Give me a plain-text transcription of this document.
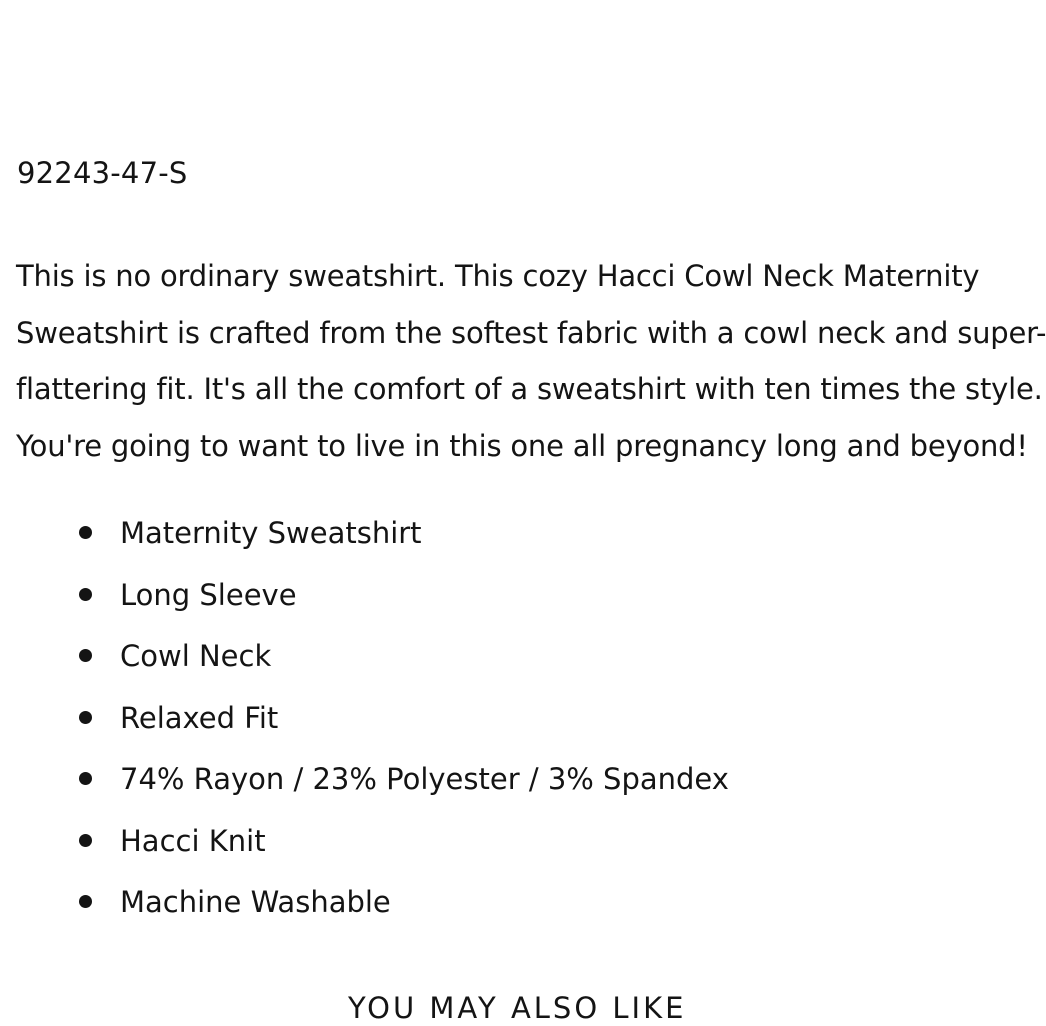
92243-47-S

This is no ordinary sweatshirt. This cozy Hacci Cowl Neck Maternity
Sweatshirt is crafted from the softest fabric with a cowl neck and super-
flattering fit. It's all the comfort of a sweatshirt with ten times the style.
You're going to want to live in this one all pregnancy long and beyond!

Maternity Sweatshirt
Long Sleeve
Cowl Neck
Relaxed Fit
74% Rayon / 23% Polyester / 3% Spandex
Hacci Knit
Machine Washable
YOU MAY ALSO LIKE
